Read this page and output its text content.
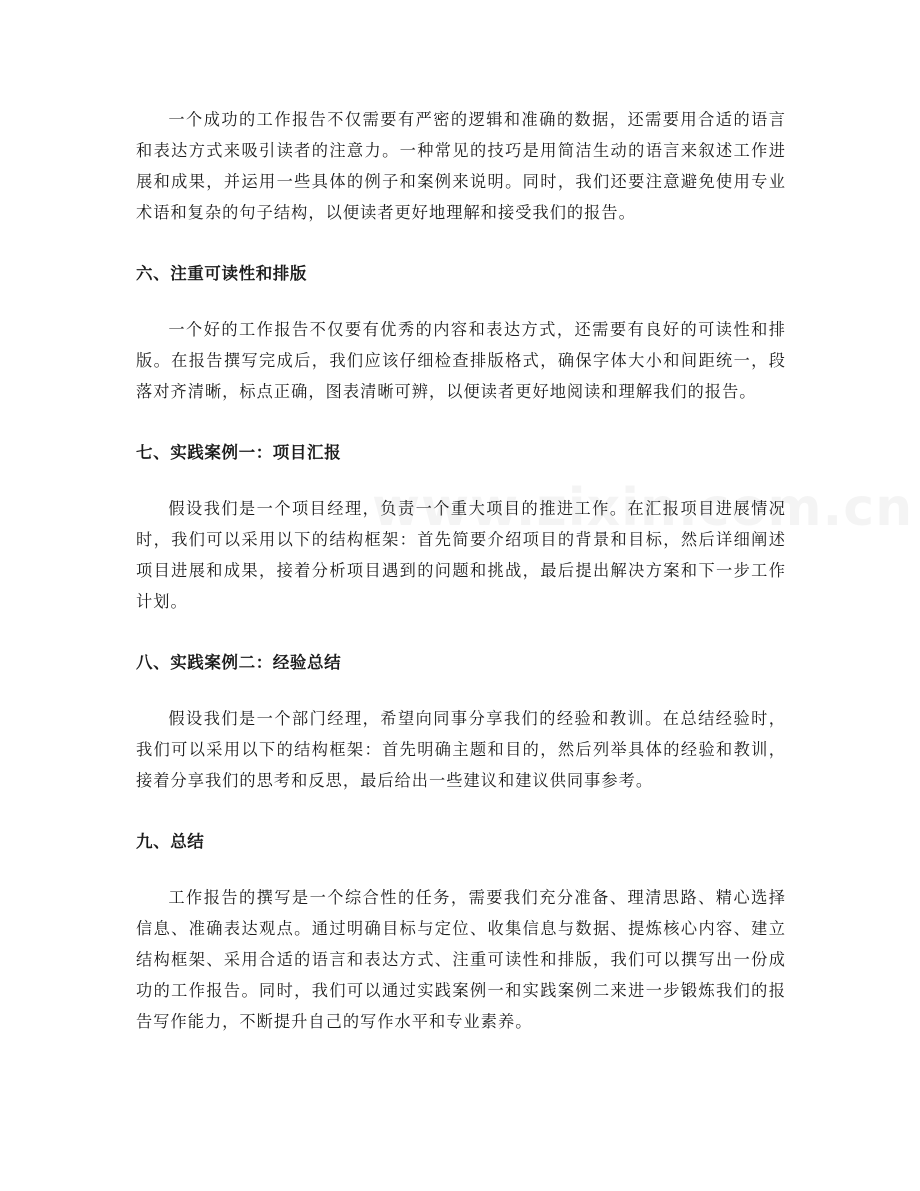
一个成功的工作报告不仅需要有严密的逻辑和准确的数据，还需要用合适的语言和表达方式来吸引读者的注意力。一种常见的技巧是用简洁生动的语言来叙述工作进展和成果，并运用一些具体的例子和案例来说明。同时，我们还要注意避免使用专业术语和复杂的句子结构，以便读者更好地理解和接受我们的报告。

六、注重可读性和排版

一个好的工作报告不仅要有优秀的内容和表达方式，还需要有良好的可读性和排版。在报告撰写完成后，我们应该仔细检查排版格式，确保字体大小和间距统一，段落对齐清晰，标点正确，图表清晰可辨，以便读者更好地阅读和理解我们的报告。

七、实践案例一：项目汇报

假设我们是一个项目经理，负责一个重大项目的推进工作。在汇报项目进展情况时，我们可以采用以下的结构框架：首先简要介绍项目的背景和目标，然后详细阐述项目进展和成果，接着分析项目遇到的问题和挑战，最后提出解决方案和下一步工作计划。

八、实践案例二：经验总结

假设我们是一个部门经理，希望向同事分享我们的经验和教训。在总结经验时，我们可以采用以下的结构框架：首先明确主题和目的，然后列举具体的经验和教训，接着分享我们的思考和反思，最后给出一些建议和建议供同事参考。

九、总结

工作报告的撰写是一个综合性的任务，需要我们充分准备、理清思路、精心选择信息、准确表达观点。通过明确目标与定位、收集信息与数据、提炼核心内容、建立结构框架、采用合适的语言和表达方式、注重可读性和排版，我们可以撰写出一份成功的工作报告。同时，我们可以通过实践案例一和实践案例二来进一步锻炼我们的报告写作能力，不断提升自己的写作水平和专业素养。
